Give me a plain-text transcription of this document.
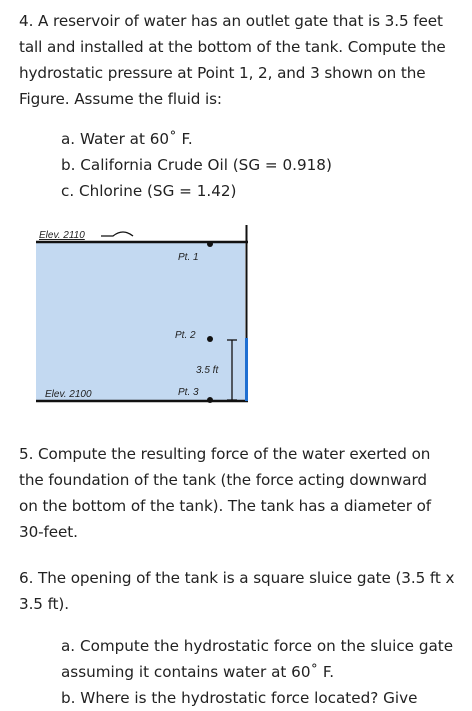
4. A reservoir of water has an outlet gate that is 3.5 feet
tall and installed at the bottom of the tank. Compute the
hydrostatic pressure at Point 1, 2, and 3 shown on the
Figure. Assume the fluid is:
a. Water at 60˚ F.
b. California Crude Oil (SG = 0.918)
c. Chlorine (SG = 1.42)
Elev. 2110
Elev. 2100
Pt. 1
Pt. 2
Pt. 3
3.5 ft
5. Compute the resulting force of the water exerted on
the foundation of the tank (the force acting downward
on the bottom of the tank). The tank has a diameter of
30-feet.
6. The opening of the tank is a square sluice gate (3.5 ft x
3.5 ft).
a. Compute the hydrostatic force on the sluice gate
assuming it contains water at 60˚ F.
b. Where is the hydrostatic force located? Give
